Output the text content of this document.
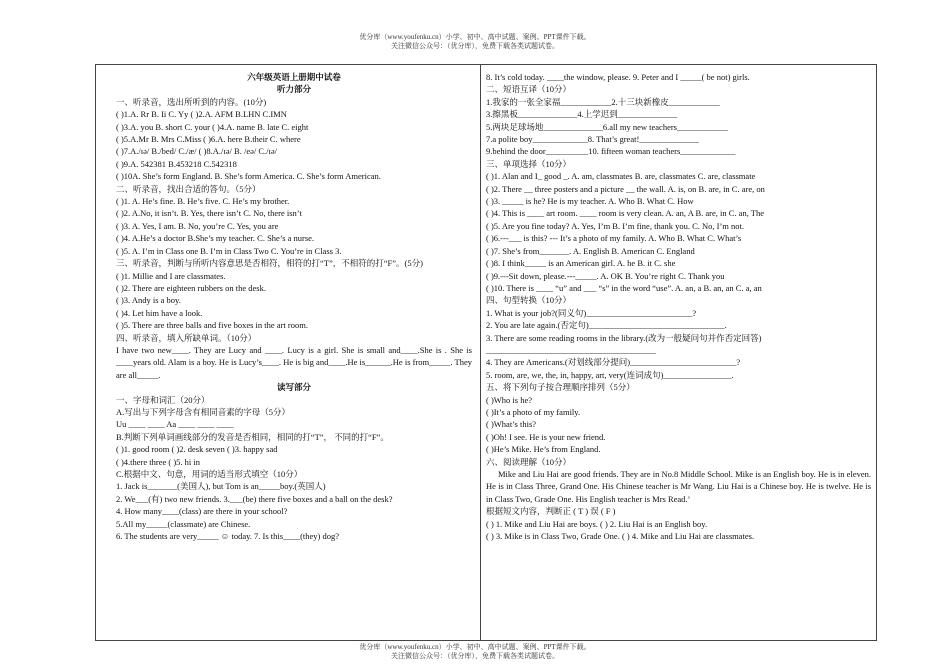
优分库（www.youfenku.cn）小学、初中、高中试题、案例、PPT课件下载。
关注微信公众号：（优分库），免费下载各类试题试卷。
六年级英语上册期中试卷
听力部分
一、听录音，选出所听到的内容。(10分)
( )1.A. Rr B. Ii C. Yy ( )2.A. AFM B.LHN C.IMN
( )3.A. you B. short C. your ( )4.A. name B. late C. eight
( )5.A.Mr B. Mrs C.Miss ( )6.A. here B.their C. where
( )7.A./ɪə/ B./bed/ C./æ/ ( )8.A./ɪə/ B. /eə/ C./ɪə/
( )9.A. 542381 B.453218 C.542318
( )10A. She’s form England. B. She’s form America. C. She’s form American.
二、听录音，找出合适的答句。（5分）
( )1. A. He’s fine. B. He’s five. C. He’s my brother.
( )2. A.No, it isn’t. B. Yes, there isn’t C. No, there isn’t
( )3. A. Yes, I am. B. No, you’re C. Yes, you are
( )4. A.He’s a doctor B.She’s my teacher. C. She’s a nurse.
( )5. A. I’m in Class one B. I’m in Class Two C. You’re in Class 3.
三、听录音，判断与所听内容意思是否相符，相符的打“T”，不相符的打“F”。(5分)
( )1. Millie and I are classmates.
( )2. There are eighteen rubbers on the desk.
( )3. Andy is a boy.
( )4. Let him have a look.
( )5. There are three balls and five boxes in the art room.
四、听录音，填入所缺单词。（10分）
I have two new____. They are Lucy and ____. Lucy is a girl. She is small and____.She is . She is ____years old. Alam is a boy. He is Lucy’s____. He is big and____.He is______.He is from_____. They are all_____.
读写部分
一、字母和词汇（20分）
A.写出与下列字母含有相同音素的字母（5分）
Uu ____ ____ Aa ____ ____ ____
B.判断下列单词画线部分的发音是否相同，相同的打“T”， 不同的打“F”。
( )1. good room ( )2. desk seven ( )3. happy sad
( )4.there three ( )5. hi in
C.根据中文、句意，用词的适当形式填空（10分）
1. Jack is_______(美国人), but Tom is an_____boy.(英国人)
2. We___(有) two new friends. 3.___(be) there five boxes and a ball on the desk?
4. How many____(class) are there in your school?
5.All my_____(classmate) are Chinese.
6. The students are very_____ ☺ today. 7. Is this____(they) dog?
8. It’s cold today. ____the window, please. 9. Peter and I _____( be not) girls.
二、短语互译（10分）
1.我家的一张全家福____________2.十三块新橡皮____________
3.擦黑板______________4.上学迟到______________
5.两块足球场地______________6.all my new teachers____________
7.a polite boy_____________8. That’s great!______________
9.behind the door__________10. fifteen woman teachers_____________
三、单项选择（10分）
( )1. Alan and I_ good _. A. am, classmates B. are, classmates C. are, classmate
( )2. There __ three posters and a picture __ the wall. A. is, on B. are, in C. are, on
( )3. _____ is he? He is my teacher. A. Who B. What C. How
( )4. This is ____ art room. ____ room is very clean. A. an, A B. are, in C. an, The
( )5. Are you fine today? A. Yes, I’m B. I’m fine, thank you. C. No, I’m not.
( )6.---___ is this? --- It’s a photo of my family. A. Who B. What C. What’s
( )7. She’s from_______. A. English B. American C. England
( )8. I think_____ is an American girl. A. he B. it C. she
( )9.---Sit down, please.---_____. A. OK B. You’re right C. Thank you
( )10. There is ____ “u” and ___ “s” in the word “use”. A. an, a B. an, an C. a, an
四、句型转换（10分）
1. What is your job?(同义句)_________________________?
2. You are late again.(否定句)________________________________.
3. There are some reading rooms in the library.(改为一般疑问句并作否定回答)
________________________________________
4. They are Americans.(对划线部分提问)_________________________?
5. room, are, we, the, in, happy, art, very(连词成句)________________.
五、将下列句子按合理顺序排列（5分）
( )Who is he?
( )It’s a photo of my family.
( )What’s this?
( )Oh! I see. He is your new friend.
( )He’s Mike. He’s from England.
六、阅读理解（10分）
Mike and Liu Hai are good friends. They are in No.8 Middle School. Mike is an English boy. He is in eleven. He is in Class Three, Grand One. His Chinese teacher is Mr Wang. Liu Hai is a Chinese boy. He is twelve. He is in Class Two, Grade One. His English teacher is Mrs Read.’
根据短文内容，判断正 ( T ) 误 ( F )
( ) 1. Mike and Liu Hai are boys. ( ) 2. Liu Hai is an English boy.
( ) 3. Mike is in Class Two, Grade One. ( ) 4. Mike and Liu Hai are classmates.
优分库（www.youfenku.cn）小学、初中、高中试题、案例、PPT课件下载。
关注微信公众号：（优分库），免费下载各类试题试卷。
